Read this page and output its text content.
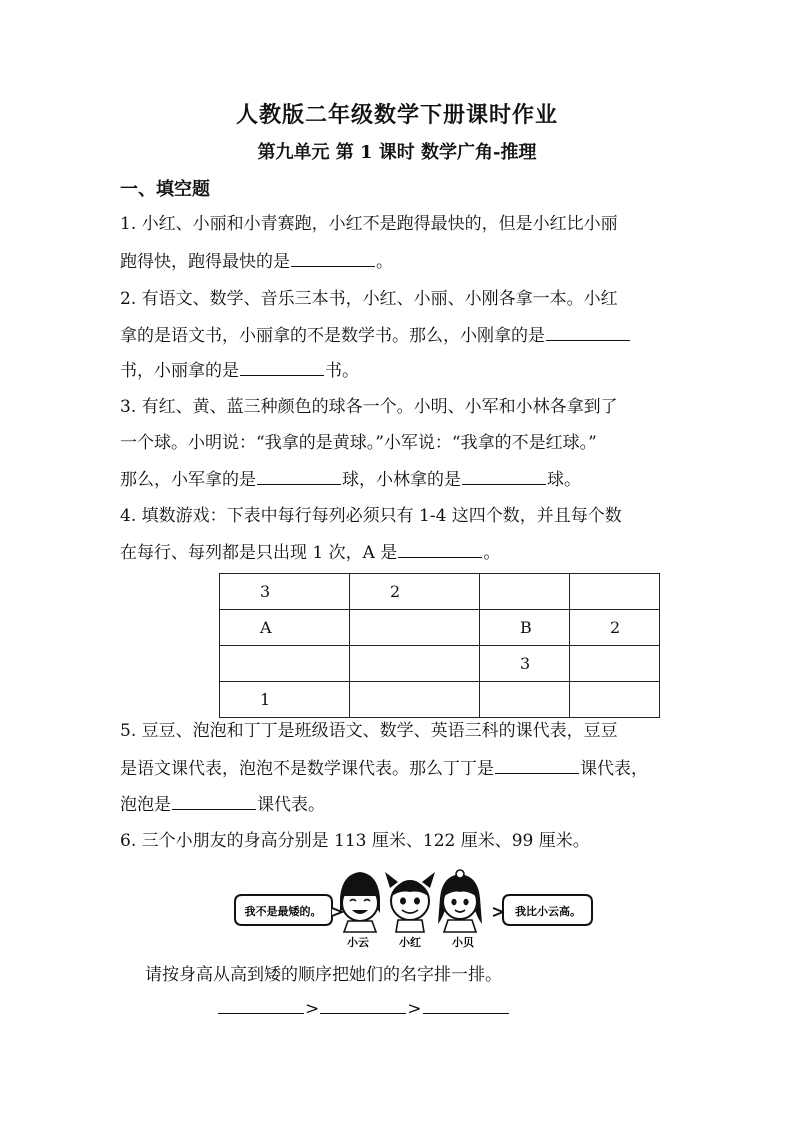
人教版二年级数学下册课时作业
第九单元 第 1 课时 数学广角-推理
一、填空题
1. 小红、小丽和小青赛跑，小红不是跑得最快的，但是小红比小丽
跑得快，跑得最快的是	。
2. 有语文、数学、音乐三本书，小红、小丽、小刚各拿一本。小红
拿的是语文书，小丽拿的不是数学书。那么，小刚拿的是
书，小丽拿的是	书。
3. 有红、黄、蓝三种颜色的球各一个。小明、小军和小林各拿到了
一个球。小明说：“我拿的是黄球。”小军说：“我拿的不是红球。”
那么，小军拿的是	球，小林拿的是	球。
4. 填数游戏：下表中每行每列必须只有 1-4 这四个数，并且每个数
在每行、每列都是只出现 1 次，A 是	。
3	2		
A		B	2
		3	
1			
5. 豆豆、泡泡和丁丁是班级语文、数学、英语三科的课代表，豆豆
是语文课代表，泡泡不是数学课代表。那么丁丁是	课代表，
泡泡是	课代表。
6. 三个小朋友的身高分别是 113 厘米、122 厘米、99 厘米。
我不是最矮的。	我比小云高。
小云	小红	小贝
请按身高从高到矮的顺序把她们的名字排一排。
>	>
